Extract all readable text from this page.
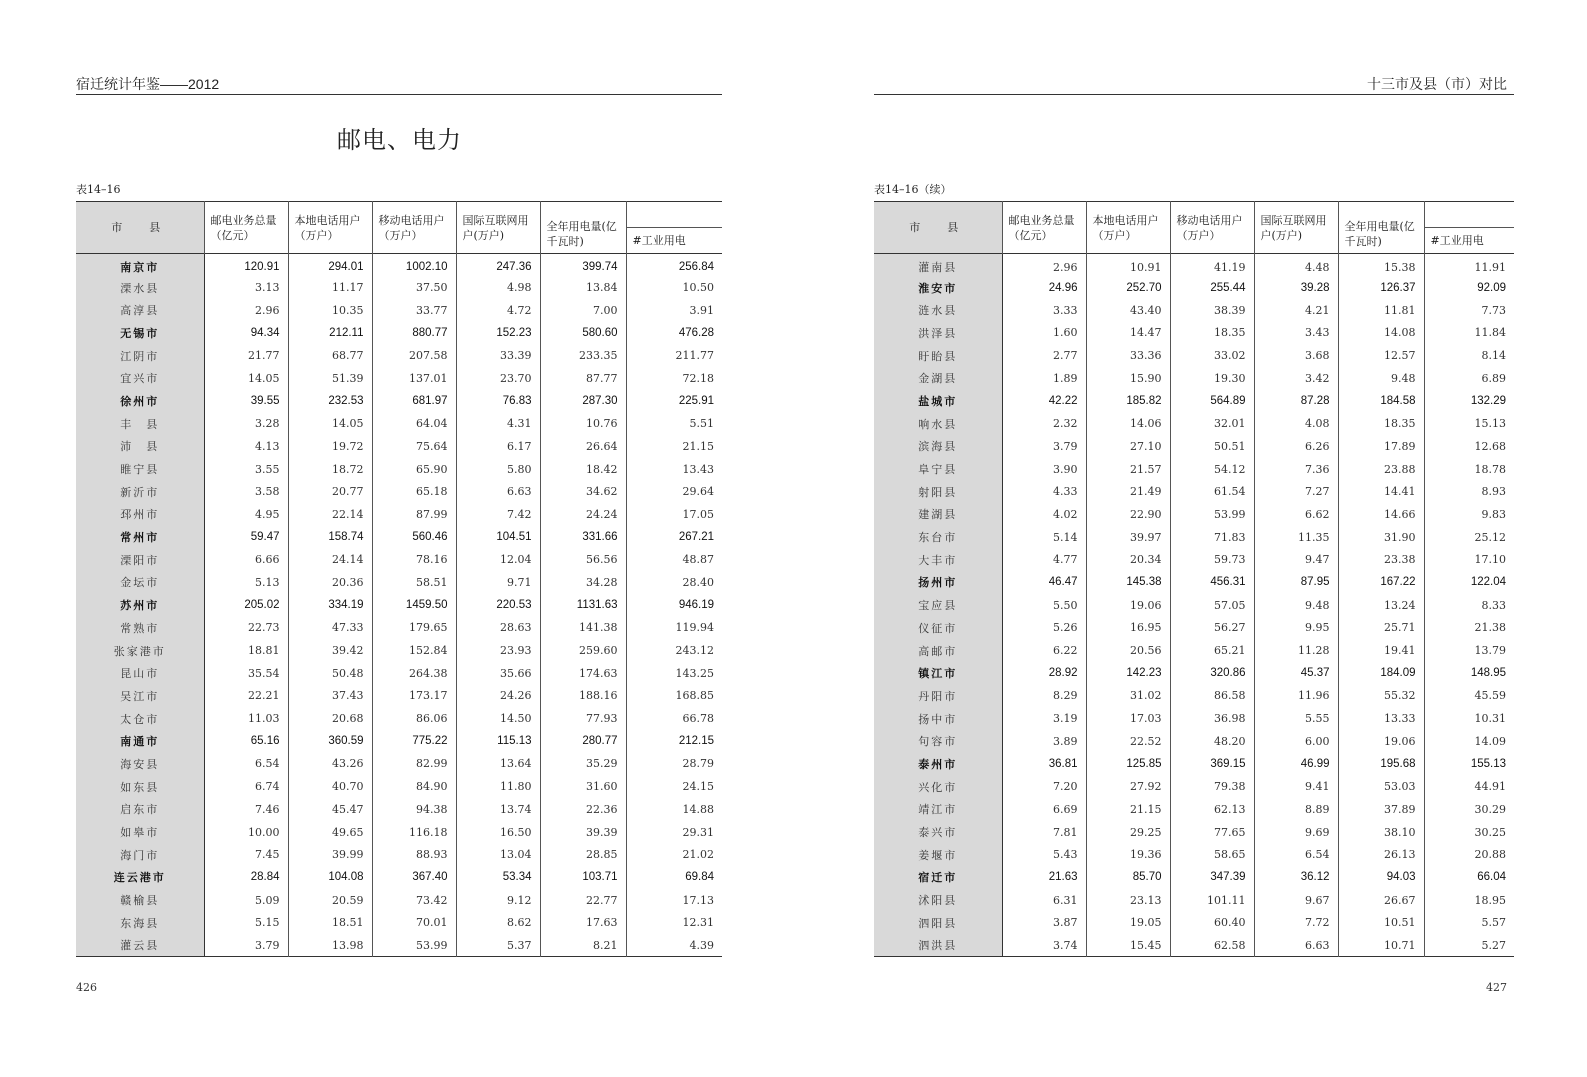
宿迁统计年鉴——2012
邮电、电力
表14–16
市　县	邮电业务总量（亿元）	本地电话用户（万户）	移动电话用户（万户）	国际互联网用户(万户)	全年用电量(亿千瓦时)	
						#工业用电
南京市	120.91	294.01	1002.10	247.36	399.74	256.84
溧水县	3.13	11.17	37.50	4.98	13.84	10.50
高淳县	2.96	10.35	33.77	4.72	7.00	3.91
无锡市	94.34	212.11	880.77	152.23	580.60	476.28
江阴市	21.77	68.77	207.58	33.39	233.35	211.77
宜兴市	14.05	51.39	137.01	23.70	87.77	72.18
徐州市	39.55	232.53	681.97	76.83	287.30	225.91
丰　县	3.28	14.05	64.04	4.31	10.76	5.51
沛　县	4.13	19.72	75.64	6.17	26.64	21.15
睢宁县	3.55	18.72	65.90	5.80	18.42	13.43
新沂市	3.58	20.77	65.18	6.63	34.62	29.64
邳州市	4.95	22.14	87.99	7.42	24.24	17.05
常州市	59.47	158.74	560.46	104.51	331.66	267.21
溧阳市	6.66	24.14	78.16	12.04	56.56	48.87
金坛市	5.13	20.36	58.51	9.71	34.28	28.40
苏州市	205.02	334.19	1459.50	220.53	1131.63	946.19
常熟市	22.73	47.33	179.65	28.63	141.38	119.94
张家港市	18.81	39.42	152.84	23.93	259.60	243.12
昆山市	35.54	50.48	264.38	35.66	174.63	143.25
吴江市	22.21	37.43	173.17	24.26	188.16	168.85
太仓市	11.03	20.68	86.06	14.50	77.93	66.78
南通市	65.16	360.59	775.22	115.13	280.77	212.15
海安县	6.54	43.26	82.99	13.64	35.29	28.79
如东县	6.74	40.70	84.90	11.80	31.60	24.15
启东市	7.46	45.47	94.38	13.74	22.36	14.88
如皋市	10.00	49.65	116.18	16.50	39.39	29.31
海门市	7.45	39.99	88.93	13.04	28.85	21.02
连云港市	28.84	104.08	367.40	53.34	103.71	69.84
赣榆县	5.09	20.59	73.42	9.12	22.77	17.13
东海县	5.15	18.51	70.01	8.62	17.63	12.31
灌云县	3.79	13.98	53.99	5.37	8.21	4.39
426
十三市及县（市）对比
表14–16（续）
市　县	邮电业务总量（亿元）	本地电话用户（万户）	移动电话用户（万户）	国际互联网用户(万户)	全年用电量(亿千瓦时)	
						#工业用电
灌南县	2.96	10.91	41.19	4.48	15.38	11.91
淮安市	24.96	252.70	255.44	39.28	126.37	92.09
涟水县	3.33	43.40	38.39	4.21	11.81	7.73
洪泽县	1.60	14.47	18.35	3.43	14.08	11.84
盱眙县	2.77	33.36	33.02	3.68	12.57	8.14
金湖县	1.89	15.90	19.30	3.42	9.48	6.89
盐城市	42.22	185.82	564.89	87.28	184.58	132.29
响水县	2.32	14.06	32.01	4.08	18.35	15.13
滨海县	3.79	27.10	50.51	6.26	17.89	12.68
阜宁县	3.90	21.57	54.12	7.36	23.88	18.78
射阳县	4.33	21.49	61.54	7.27	14.41	8.93
建湖县	4.02	22.90	53.99	6.62	14.66	9.83
东台市	5.14	39.97	71.83	11.35	31.90	25.12
大丰市	4.77	20.34	59.73	9.47	23.38	17.10
扬州市	46.47	145.38	456.31	87.95	167.22	122.04
宝应县	5.50	19.06	57.05	9.48	13.24	8.33
仪征市	5.26	16.95	56.27	9.95	25.71	21.38
高邮市	6.22	20.56	65.21	11.28	19.41	13.79
镇江市	28.92	142.23	320.86	45.37	184.09	148.95
丹阳市	8.29	31.02	86.58	11.96	55.32	45.59
扬中市	3.19	17.03	36.98	5.55	13.33	10.31
句容市	3.89	22.52	48.20	6.00	19.06	14.09
泰州市	36.81	125.85	369.15	46.99	195.68	155.13
兴化市	7.20	27.92	79.38	9.41	53.03	44.91
靖江市	6.69	21.15	62.13	8.89	37.89	30.29
泰兴市	7.81	29.25	77.65	9.69	38.10	30.25
姜堰市	5.43	19.36	58.65	6.54	26.13	20.88
宿迁市	21.63	85.70	347.39	36.12	94.03	66.04
沭阳县	6.31	23.13	101.11	9.67	26.67	18.95
泗阳县	3.87	19.05	60.40	7.72	10.51	5.57
泗洪县	3.74	15.45	62.58	6.63	10.71	5.27
427
